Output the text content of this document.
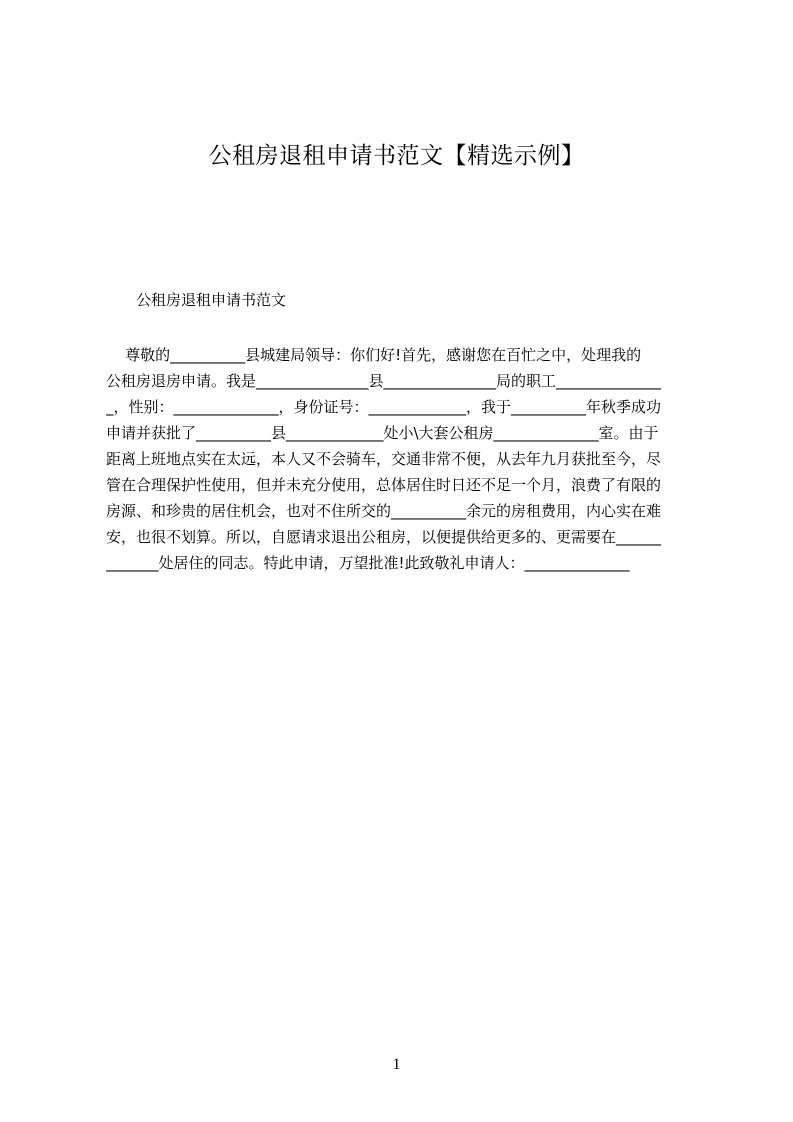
公租房退租申请书范文【精选示例】
公租房退租申请书范文
尊敬的__________县城建局领导：你们好!首先，感谢您在百忙之中，处理我的
公租房退房申请。我是_______________县_______________局的职工______________
_，性别：______________，身份证号：_____________，我于__________年秋季成功
申请并获批了__________县_____________处小\大套公租房______________室。由于
距离上班地点实在太远，本人又不会骑车，交通非常不便，从去年九月获批至今，尽
管在合理保护性使用，但并未充分使用，总体居住时日还不足一个月，浪费了有限的
房源、和珍贵的居住机会，也对不住所交的__________余元的房租费用，内心实在难
安，也很不划算。所以，自愿请求退出公租房，以便提供给更多的、更需要在______
_______处居住的同志。特此申请，万望批准!此致敬礼申请人：______________
1
